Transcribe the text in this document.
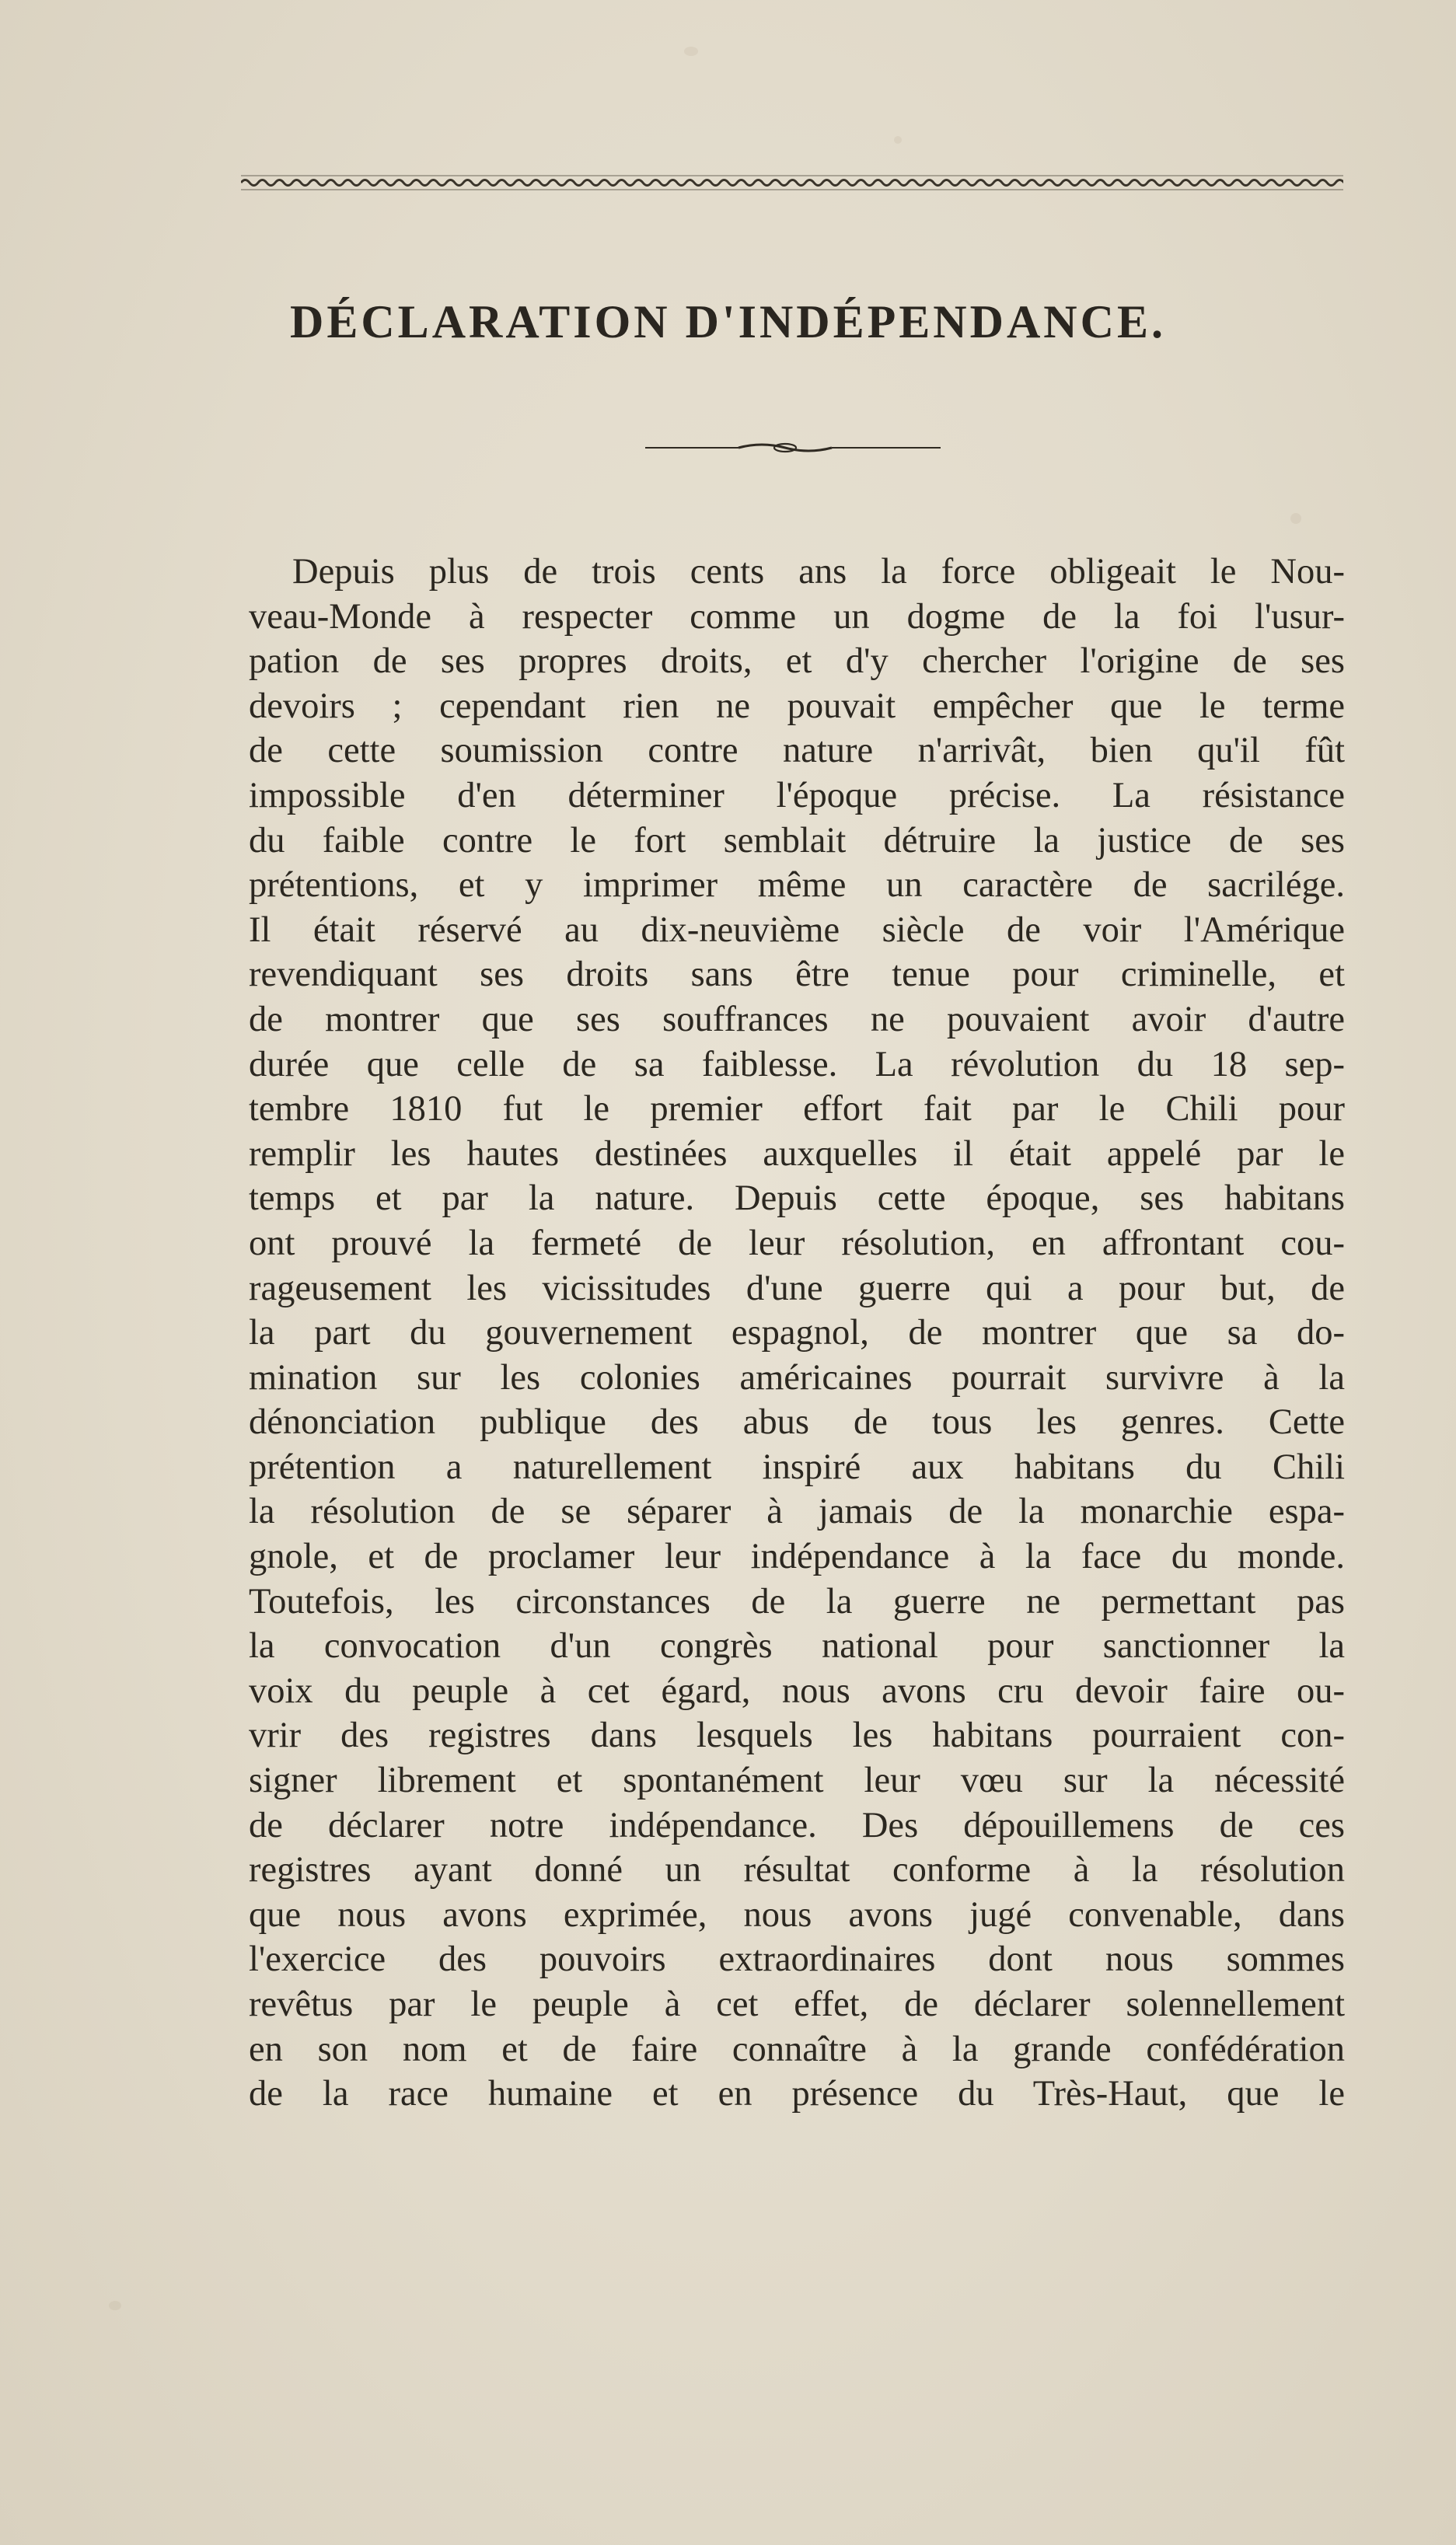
DÉCLARATION D'INDÉPENDANCE.
Depuis plus de trois cents ans la force obligeait le Nou-
veau-Monde à respecter comme un dogme de la foi l'usur-
pation de ses propres droits, et d'y chercher l'origine de ses
devoirs ; cependant rien ne pouvait empêcher que le terme
de cette soumission contre nature n'arrivât, bien qu'il fût
impossible d'en déterminer l'époque précise. La résistance
du faible contre le fort semblait détruire la justice de ses
prétentions, et y imprimer même un caractère de sacrilége.
Il était réservé au dix-neuvième siècle de voir l'Amérique
revendiquant ses droits sans être tenue pour criminelle, et
de montrer que ses souffrances ne pouvaient avoir d'autre
durée que celle de sa faiblesse. La révolution du 18 sep-
tembre 1810 fut le premier effort fait par le Chili pour
remplir les hautes destinées auxquelles il était appelé par le
temps et par la nature. Depuis cette époque, ses habitans
ont prouvé la fermeté de leur résolution, en affrontant cou-
rageusement les vicissitudes d'une guerre qui a pour but, de
la part du gouvernement espagnol, de montrer que sa do-
mination sur les colonies américaines pourrait survivre à la
dénonciation publique des abus de tous les genres. Cette
prétention a naturellement inspiré aux habitans du Chili
la résolution de se séparer à jamais de la monarchie espa-
gnole, et de proclamer leur indépendance à la face du monde.
Toutefois, les circonstances de la guerre ne permettant pas
la convocation d'un congrès national pour sanctionner la
voix du peuple à cet égard, nous avons cru devoir faire ou-
vrir des registres dans lesquels les habitans pourraient con-
signer librement et spontanément leur vœu sur la nécessité
de déclarer notre indépendance. Des dépouillemens de ces
registres ayant donné un résultat conforme à la résolution
que nous avons exprimée, nous avons jugé convenable, dans
l'exercice des pouvoirs extraordinaires dont nous sommes
revêtus par le peuple à cet effet, de déclarer solennellement
en son nom et de faire connaître à la grande confédération
de la race humaine et en présence du Très-Haut, que le
